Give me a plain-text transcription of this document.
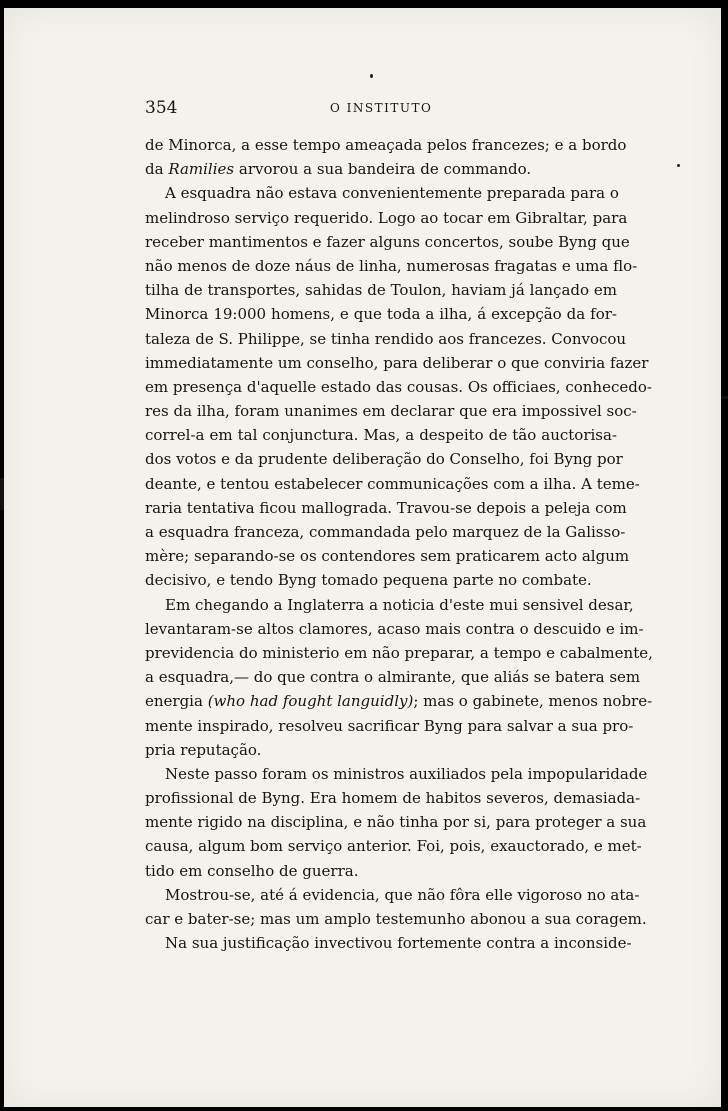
354	O INSTITUTO
de Minorca, a esse tempo ameaçada pelos francezes; e a bordo
da Ramilies arvorou a sua bandeira de commando.
A esquadra não estava convenientemente preparada para o
melindroso serviço requerido. Logo ao tocar em Gibraltar, para
receber mantimentos e fazer alguns concertos, soube Byng que
não menos de doze náus de linha, numerosas fragatas e uma flo-
tilha de transportes, sahidas de Toulon, haviam já lançado em
Minorca 19:000 homens, e que toda a ilha, á excepção da for-
taleza de S. Philippe, se tinha rendido aos francezes. Convocou
immediatamente um conselho, para deliberar o que conviria fazer
em presença d'aquelle estado das cousas. Os officiaes, conhecedo-
res da ilha, foram unanimes em declarar que era impossivel soc-
correl-a em tal conjunctura. Mas, a despeito de tão auctorisa-
dos votos e da prudente deliberação do Conselho, foi Byng por
deante, e tentou estabelecer communicações com a ilha. A teme-
raria tentativa ficou mallograda. Travou-se depois a peleja com
a esquadra franceza, commandada pelo marquez de la Galisso-
mère; separando-se os contendores sem praticarem acto algum
decisivo, e tendo Byng tomado pequena parte no combate.
Em chegando a Inglaterra a noticia d'este mui sensivel desar,
levantaram-se altos clamores, acaso mais contra o descuido e im-
previdencia do ministerio em não preparar, a tempo e cabalmente,
a esquadra,— do que contra o almirante, que aliás se batera sem
energia (who had fought languidly); mas o gabinete, menos nobre-
mente inspirado, resolveu sacrificar Byng para salvar a sua pro-
pria reputação.
Neste passo foram os ministros auxiliados pela impopularidade
profissional de Byng. Era homem de habitos severos, demasiada-
mente rigido na disciplina, e não tinha por si, para proteger a sua
causa, algum bom serviço anterior. Foi, pois, exauctorado, e met-
tido em conselho de guerra.
Mostrou-se, até á evidencia, que não fôra elle vigoroso no ata-
car e bater-se; mas um amplo testemunho abonou a sua coragem.
Na sua justificação invectivou fortemente contra a inconside-
